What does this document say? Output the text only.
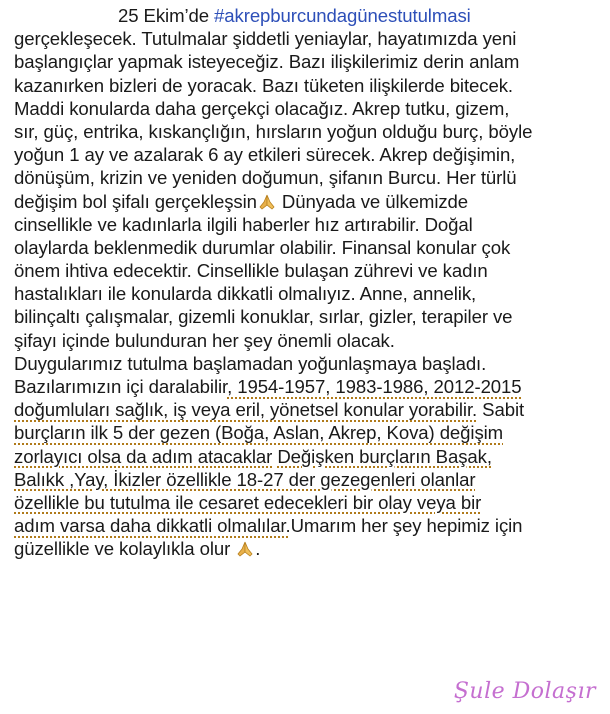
25 Ekim’de #akrepburcundagünestutulmasi
gerçekleşecek. Tutulmalar şiddetli yeniaylar, hayatımızda yeni
başlangıçlar yapmak isteyeceğiz. Bazı ilişkilerimiz derin anlam
kazanırken bizleri de yoracak. Bazı tüketen ilişkilerde bitecek.
Maddi konularda daha gerçekçi olacağız. Akrep tutku, gizem,
sır, güç, entrika, kıskançlığın, hırsların yoğun olduğu burç, böyle
yoğun 1 ay ve azalarak 6 ay etkileri sürecek. Akrep değişimin,
dönüşüm, krizin ve yeniden doğumun, şifanın Burcu. Her türlü
değişim bol şifalı gerçekleşsin Dünyada ve ülkemizde
cinsellikle ve kadınlarla ilgili haberler hız artırabilir. Doğal
olaylarda beklenmedik durumlar olabilir. Finansal konular çok
önem ihtiva edecektir. Cinsellikle bulaşan zührevi ve kadın
hastalıkları ile konularda dikkatli olmalıyız. Anne, annelik,
bilinçaltı çalışmalar, gizemli konuklar, sırlar, gizler, terapiler ve
şifayı içinde bulunduran her şey önemli olacak.
Duygularımız tutulma başlamadan yoğunlaşmaya başladı.
Bazılarımızın içi daralabilir, 1954-1957, 1983-1986, 2012-2015
doğumluları sağlık, iş veya eril, yönetsel konular yorabilir. Sabit
burçların ilk 5 der gezen (Boğa, Aslan, Akrep, Kova) değişim
zorlayıcı olsa da adım atacaklar Değişken burçların Başak,
Balıkk ,Yay, İkizler özellikle 18-27 der gezegenleri olanlar
özellikle bu tutulma ile cesaret edecekleri bir olay veya bir
adım varsa daha dikkatli olmalılar.Umarım her şey hepimiz için
güzellikle ve kolaylıkla olur .
Şule Dolaşır
